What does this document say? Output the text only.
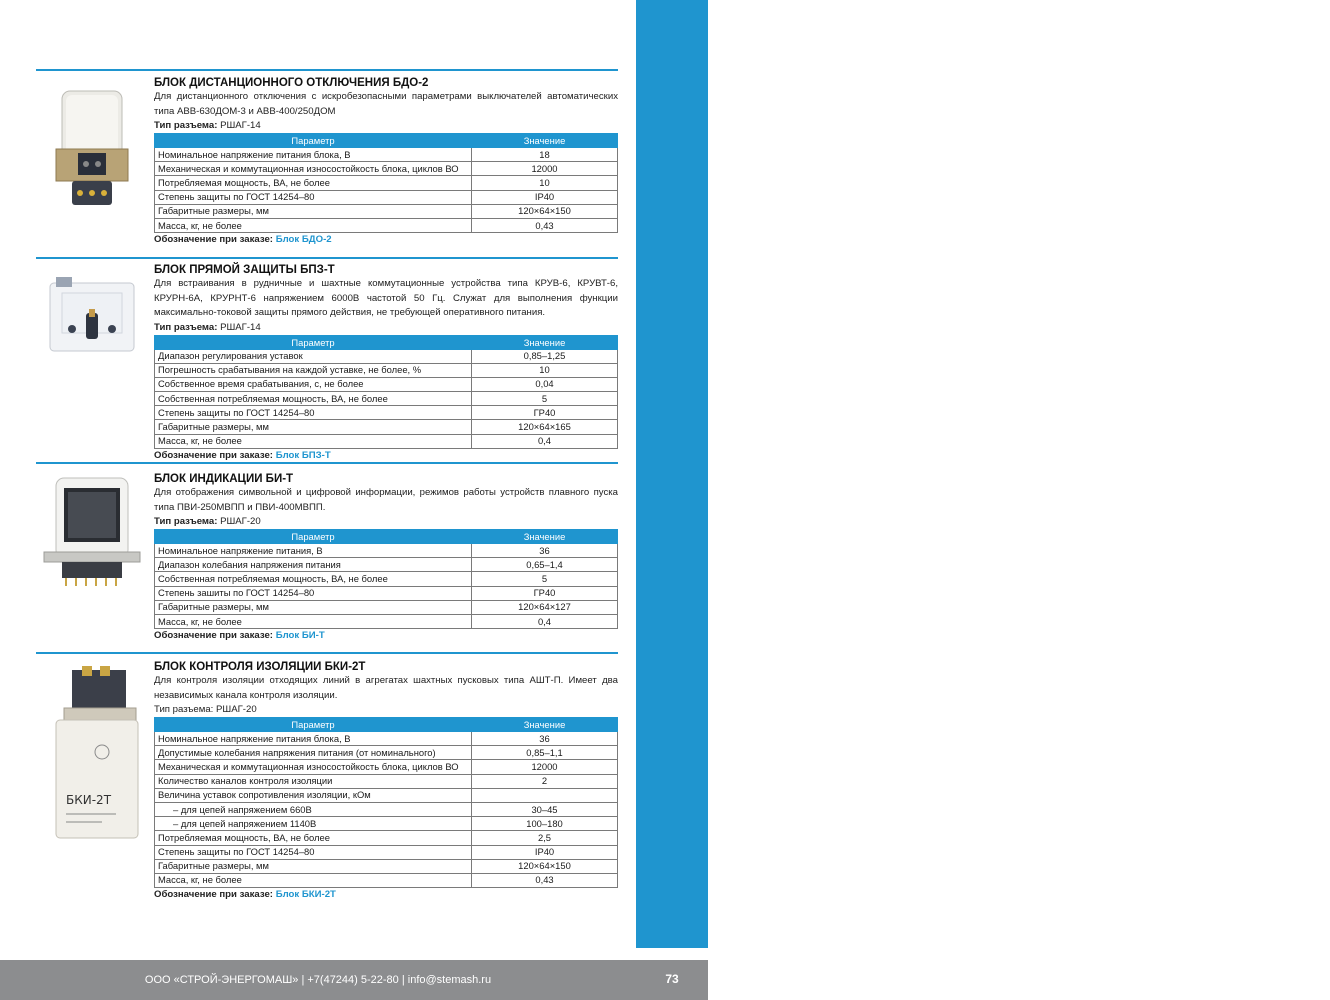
www.stemash.ru
БЛОК ДИСТАНЦИОННОГО ОТКЛЮЧЕНИЯ БДО-2
Для дистанционного отключения с искробезопасными параметрами выключателей автоматических типа АВВ-630ДОМ-3 и АВВ-400/250ДОМ
Тип разъема: РШАГ-14
Параметр	Значение
Номинальное напряжение питания блока, В	18
Механическая и коммутационная износостойкость блока, циклов ВО	12000
Потребляемая мощность, ВА, не более	10
Степень защиты по ГОСТ 14254–80	IP40
Габаритные размеры, мм	120×64×150
Масса, кг, не более	0,43
Обозначение при заказе: Блок БДО-2
БЛОК ПРЯМОЙ ЗАЩИТЫ БПЗ-Т
Для встраивания в рудничные и шахтные коммутационные устройства типа КРУВ-6, КРУВТ-6, КРУРН-6А, КРУРНТ-6 напряжением 6000В частотой 50 Гц. Служат для выполнения функции максимально-токовой защиты прямого действия, не требующей оперативного питания.
Тип разъема: РШАГ-14
Параметр	Значение
Диапазон регулирования уставок	0,85–1,25
Погрешность срабатывания на каждой уставке, не более, %	10
Собственное время срабатывания, с, не более	0,04
Собственная потребляемая мощность, ВА, не более	5
Степень защиты по ГОСТ 14254–80	ГР40
Габаритные размеры, мм	120×64×165
Масса, кг, не более	0,4
Обозначение при заказе: Блок БПЗ-Т
БЛОК ИНДИКАЦИИ БИ-Т
Для отображения символьной и цифровой информации, режимов работы устройств плавного пуска типа ПВИ-250МВПП и ПВИ-400МВПП.
Тип разъема: РШАГ-20
Параметр	Значение
Номинальное напряжение питания, В	36
Диапазон колебания напряжения питания	0,65–1,4
Собственная потребляемая мощность, ВА, не более	5
Степень зашиты по ГОСТ 14254–80	ГР40
Габаритные размеры, мм	120×64×127
Масса, кг, не более	0,4
Обозначение при заказе: Блок БИ-Т
БКИ-2Т
БЛОК КОНТРОЛЯ ИЗОЛЯЦИИ БКИ-2Т
Для контроля изоляции отходящих линий в агрегатах шахтных пусковых типа АШТ-П. Имеет два независимых канала контроля изоляции.
Тип разъема: РШАГ-20
Параметр	Значение
Номинальное напряжение питания блока, В	36
Допустимые колебания напряжения питания (от номинального)	0,85–1,1
Механическая и коммутационная износостойкость блока, циклов ВО	12000
Количество каналов контроля изоляции	2
Величина уставок сопротивления изоляции, кОм	
– для цепей напряжением 660В	30–45
– для цепей напряжением 1140В	100–180
Потребляемая мощность, ВА, не более	2,5
Степень защиты по ГОСТ 14254–80	IP40
Габаритные размеры, мм	120×64×150
Масса, кг, не более	0,43
Обозначение при заказе: Блок БКИ-2Т
ООО «СТРОЙ-ЭНЕРГОМАШ» | +7(47244) 5-22-80 | info@stemash.ru	73
